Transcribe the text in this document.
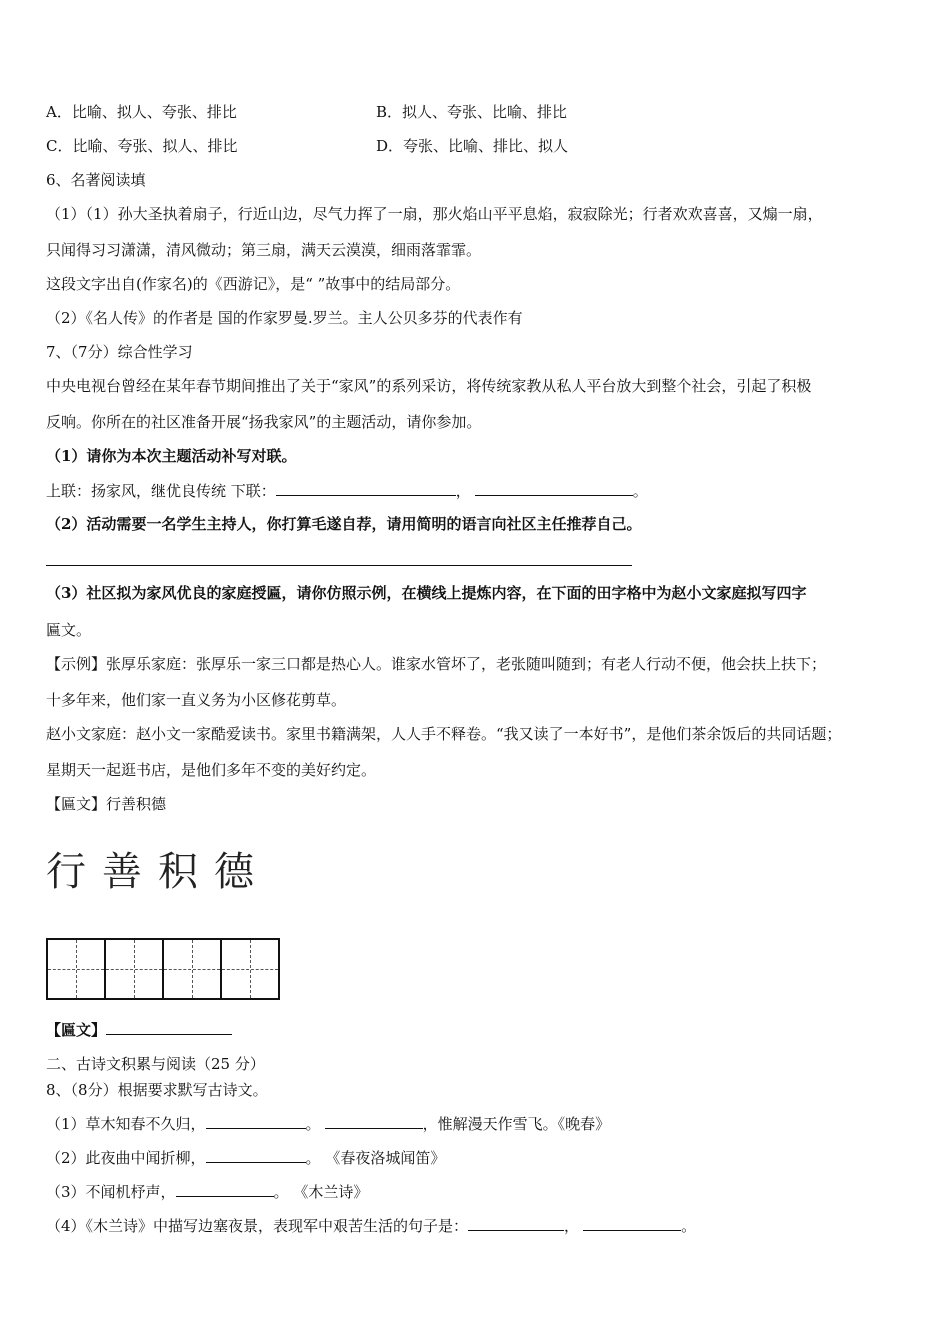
A．比喻、拟人、夸张、排比	B．拟人、夸张、比喻、排比
C．比喻、夸张、拟人、排比	D．夸张、比喻、排比、拟人
6、名著阅读填
（1）（1）孙大圣执着扇子，行近山边，尽气力挥了一扇，那火焰山平平息焰，寂寂除光；行者欢欢喜喜，又煽一扇，
只闻得习习潇潇，清风微动；第三扇，满天云漠漠，细雨落霏霏。
这段文字出自(作家名)的《西游记》，是“ ”故事中的结局部分。
（2）《名人传》的作者是 国的作家罗曼.罗兰。主人公贝多芬的代表作有
7、（7分）综合性学习
中央电视台曾经在某年春节期间推出了关于“家风”的系列采访，将传统家教从私人平台放大到整个社会，引起了积极
反响。你所在的社区准备开展“扬我家风”的主题活动，请你参加。
（1）请你为本次主题活动补写对联。
上联：扬家风，继优良传统 下联：	，	。
（2）活动需要一名学生主持人，你打算毛遂自荐，请用简明的语言向社区主任推荐自己。
（3）社区拟为家风优良的家庭授匾，请你仿照示例，在横线上提炼内容，在下面的田字格中为赵小文家庭拟写四字
匾文。
【示例】张厚乐家庭：张厚乐一家三口都是热心人。谁家水管坏了，老张随叫随到；有老人行动不便，他会扶上扶下；
十多年来，他们家一直义务为小区修花剪草。
赵小文家庭：赵小文一家酷爱读书。家里书籍满架，人人手不释卷。“我又读了一本好书”，是他们茶余饭后的共同话题；
星期天一起逛书店，是他们多年不变的美好约定。
【匾文】行善积德
行善积德
【匾文】
二、古诗文积累与阅读（25 分）
8、（8分）根据要求默写古诗文。
（1）草木知春不久归，	。	，惟解漫天作雪飞。《晚春》
（2）此夜曲中闻折柳，	。 《春夜洛城闻笛》
（3）不闻机杼声，	。 《木兰诗》
（4）《木兰诗》中描写边塞夜景，表现军中艰苦生活的句子是：	，	。
